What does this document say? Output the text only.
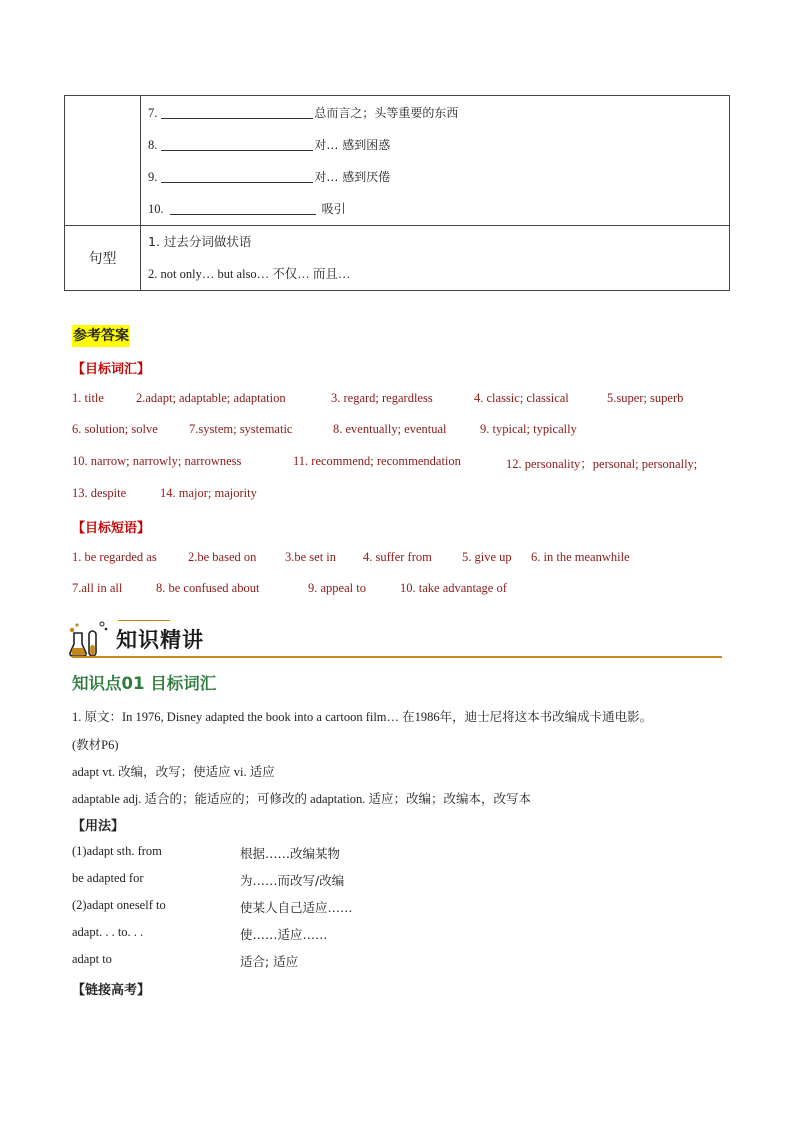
	7. 总而言之；头等重要的东西
8. 对… 感到困惑
9. 对… 感到厌倦
10. 吸引

句型	1. 过去分词做状语
2. not only… but also… 不仅… 而且…
参考答案
【目标词汇】
1. title	2.adapt; adaptable; adaptation	3. regard; regardless	4. classic; classical	5.super; superb
6. solution; solve 7.system; systematic	8. eventually; eventual	9. typical; typically
10. narrow; narrowly; narrowness	11. recommend; recommendation	12. personality；personal; personally;
13. despite	14. major; majority
【目标短语】
1. be regarded as	2.be based on 3.be set in 4. suffer from 5. give up 6. in the meanwhile
7.all in all	8. be confused about	9. appeal to	10. take advantage of
知识精讲
知识点01 目标词汇
1. 原文：In 1976, Disney adapted the book into a cartoon film… 在1986年，迪士尼将这本书改编成卡通电影。
(教材P6)
adapt vt. 改编，改写；使适应 vi. 适应
adaptable adj. 适合的；能适应的；可修改的 adaptation. 适应；改编；改编本，改写本
【用法】
(1)adapt sth. from	根据……改编某物
be adapted for	为……而改写/改编
(2)adapt oneself to	使某人自己适应……
adapt. . . to. . .	使……适应……
adapt to	适合; 适应
【链接高考】
